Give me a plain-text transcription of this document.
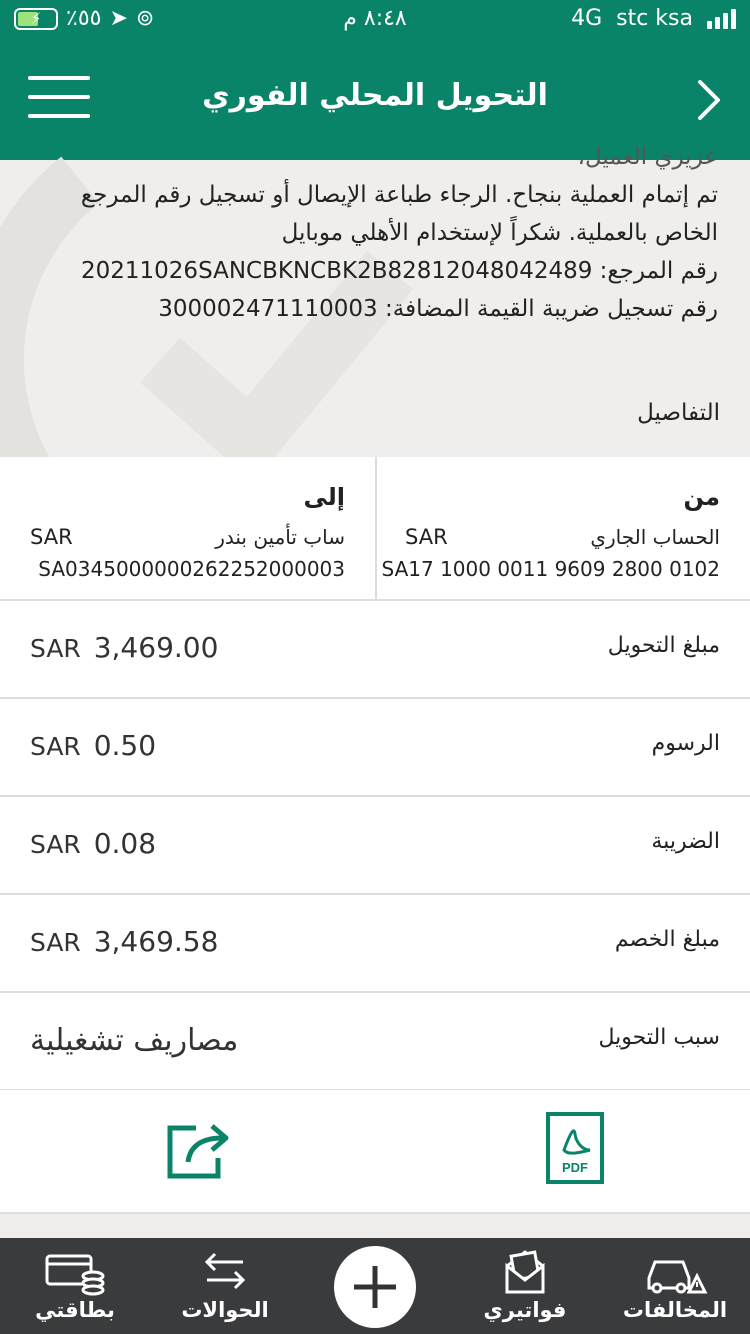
⚡ ٪٥٥ ➤ ⊚	٨:٤٨ م	4G stc ksa
التحويل المحلي الفوري
عزيزي العميل،
تم إتمام العملية بنجاح. الرجاء طباعة الإيصال أو تسجيل رقم المرجع
الخاص بالعملية. شكراً لإستخدام الأهلي موبايل
رقم المرجع: 20211026SANCBKNCBK2B82812048042489
رقم تسجيل ضريبة القيمة المضافة: 300002471110003
التفاصيل
من
الحساب الجاري
SAR
SA17 1000 0011 9609 2800 0102
إلى
ساب تأمين بندر
SAR
SA0345000000262252000003
مبلغ التحويل
SAR 3,469.00
الرسوم
SAR 0.50
الضريبة
SAR 0.08
مبلغ الخصم
SAR 3,469.58
سبب التحويل
مصاريف تشغيلية
PDF
المخالفات
فواتيري
الحوالات
بطاقتي
